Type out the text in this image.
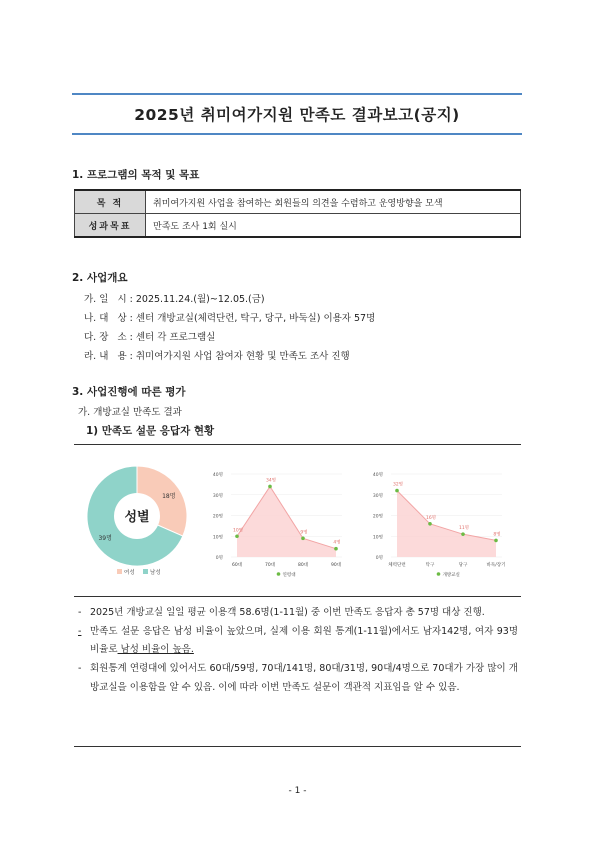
2025년 취미여가지원 만족도 결과보고(공지)
1. 프로그램의 목적 및 목표
목 적	취미여가지원 사업을 참여하는 회원들의 의견을 수렴하고 운영방향을 모색
성과목표	만족도 조사 1회 실시
2. 사업개요
가. 일   시 : 2025.11.24.(월)~12.05.(금)
나. 대   상 : 센터 개방교실(체력단련, 탁구, 당구, 바둑실) 이용자 57명
다. 장   소 : 센터 각 프로그램실
라. 내   용 : 취미여가지원 사업 참여자 현황 및 만족도 조사 진행
3. 사업진행에 따른 평가
가. 개방교실 만족도 결과
1) 만족도 설문 응답자 현황
18명
39명
성별
여성	남성
0명
10명
20명
30명
40명
10명
60대
34명
70대
9명
80대
4명
90대
연령대
0명
10명
20명
30명
40명
32명
체력단련
16명
탁구
11명
당구
8명
바둑/장기
개방교실
- 2025년 개방교실 일일 평균 이용객 58.6명(1-11월) 중 이번 만족도 응답자 총 57명 대상 진행.
- 만족도 설문 응답은 남성 비율이 높았으며, 실제 이용 회원 통계(1-11월)에서도 남자142명, 여자 93명 비율로 남성 비율이 높음.
- 회원통계 연령대에 있어서도 60대/59명, 70대/141명, 80대/31명, 90대/4명으로 70대가 가장 많이 개방교실을 이용함을 알 수 있음. 이에 따라 이번 만족도 설문이 객관적 지표임을 알 수 있음.
- 1 -
